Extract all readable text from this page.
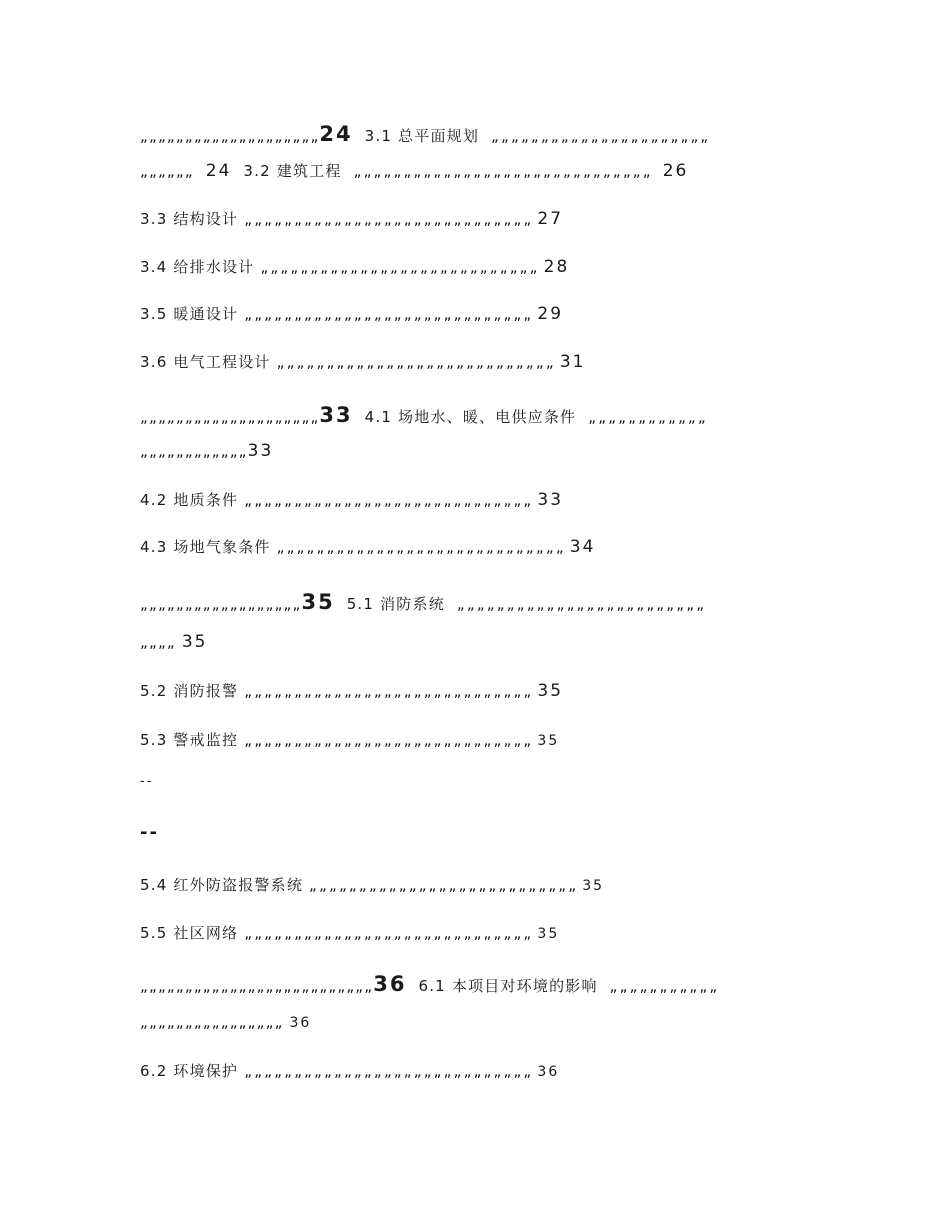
„„„„„„„„„„„„„„„„„„„„24 3.1 总平面规划 „„„„„„„„„„„„„„„„„„„„„„
„„„„„„ 24 3.2 建筑工程 „„„„„„„„„„„„„„„„„„„„„„„„„„„„„„ 26
3.3 结构设计 „„„„„„„„„„„„„„„„„„„„„„„„„„„„„ 27
3.4 给排水设计 „„„„„„„„„„„„„„„„„„„„„„„„„„„„ 28
3.5 暖通设计 „„„„„„„„„„„„„„„„„„„„„„„„„„„„„ 29
3.6 电气工程设计 „„„„„„„„„„„„„„„„„„„„„„„„„„„„ 31
„„„„„„„„„„„„„„„„„„„„33 4.1 场地水、暖、电供应条件 „„„„„„„„„„„„
„„„„„„„„„„„„33
4.2 地质条件 „„„„„„„„„„„„„„„„„„„„„„„„„„„„„ 33
4.3 场地气象条件 „„„„„„„„„„„„„„„„„„„„„„„„„„„„„ 34
„„„„„„„„„„„„„„„„„„35 5.1 消防系统 „„„„„„„„„„„„„„„„„„„„„„„„„
„„„„ 35
5.2 消防报警 „„„„„„„„„„„„„„„„„„„„„„„„„„„„„ 35
5.3 警戒监控 „„„„„„„„„„„„„„„„„„„„„„„„„„„„„ 35
--
--
5.4 红外防盗报警系统 „„„„„„„„„„„„„„„„„„„„„„„„„„„ 35
5.5 社区网络 „„„„„„„„„„„„„„„„„„„„„„„„„„„„„ 35
„„„„„„„„„„„„„„„„„„„„„„„„„„36 6.1 本项目对环境的影响 „„„„„„„„„„„
„„„„„„„„„„„„„„„„ 36
6.2 环境保护 „„„„„„„„„„„„„„„„„„„„„„„„„„„„„ 36
